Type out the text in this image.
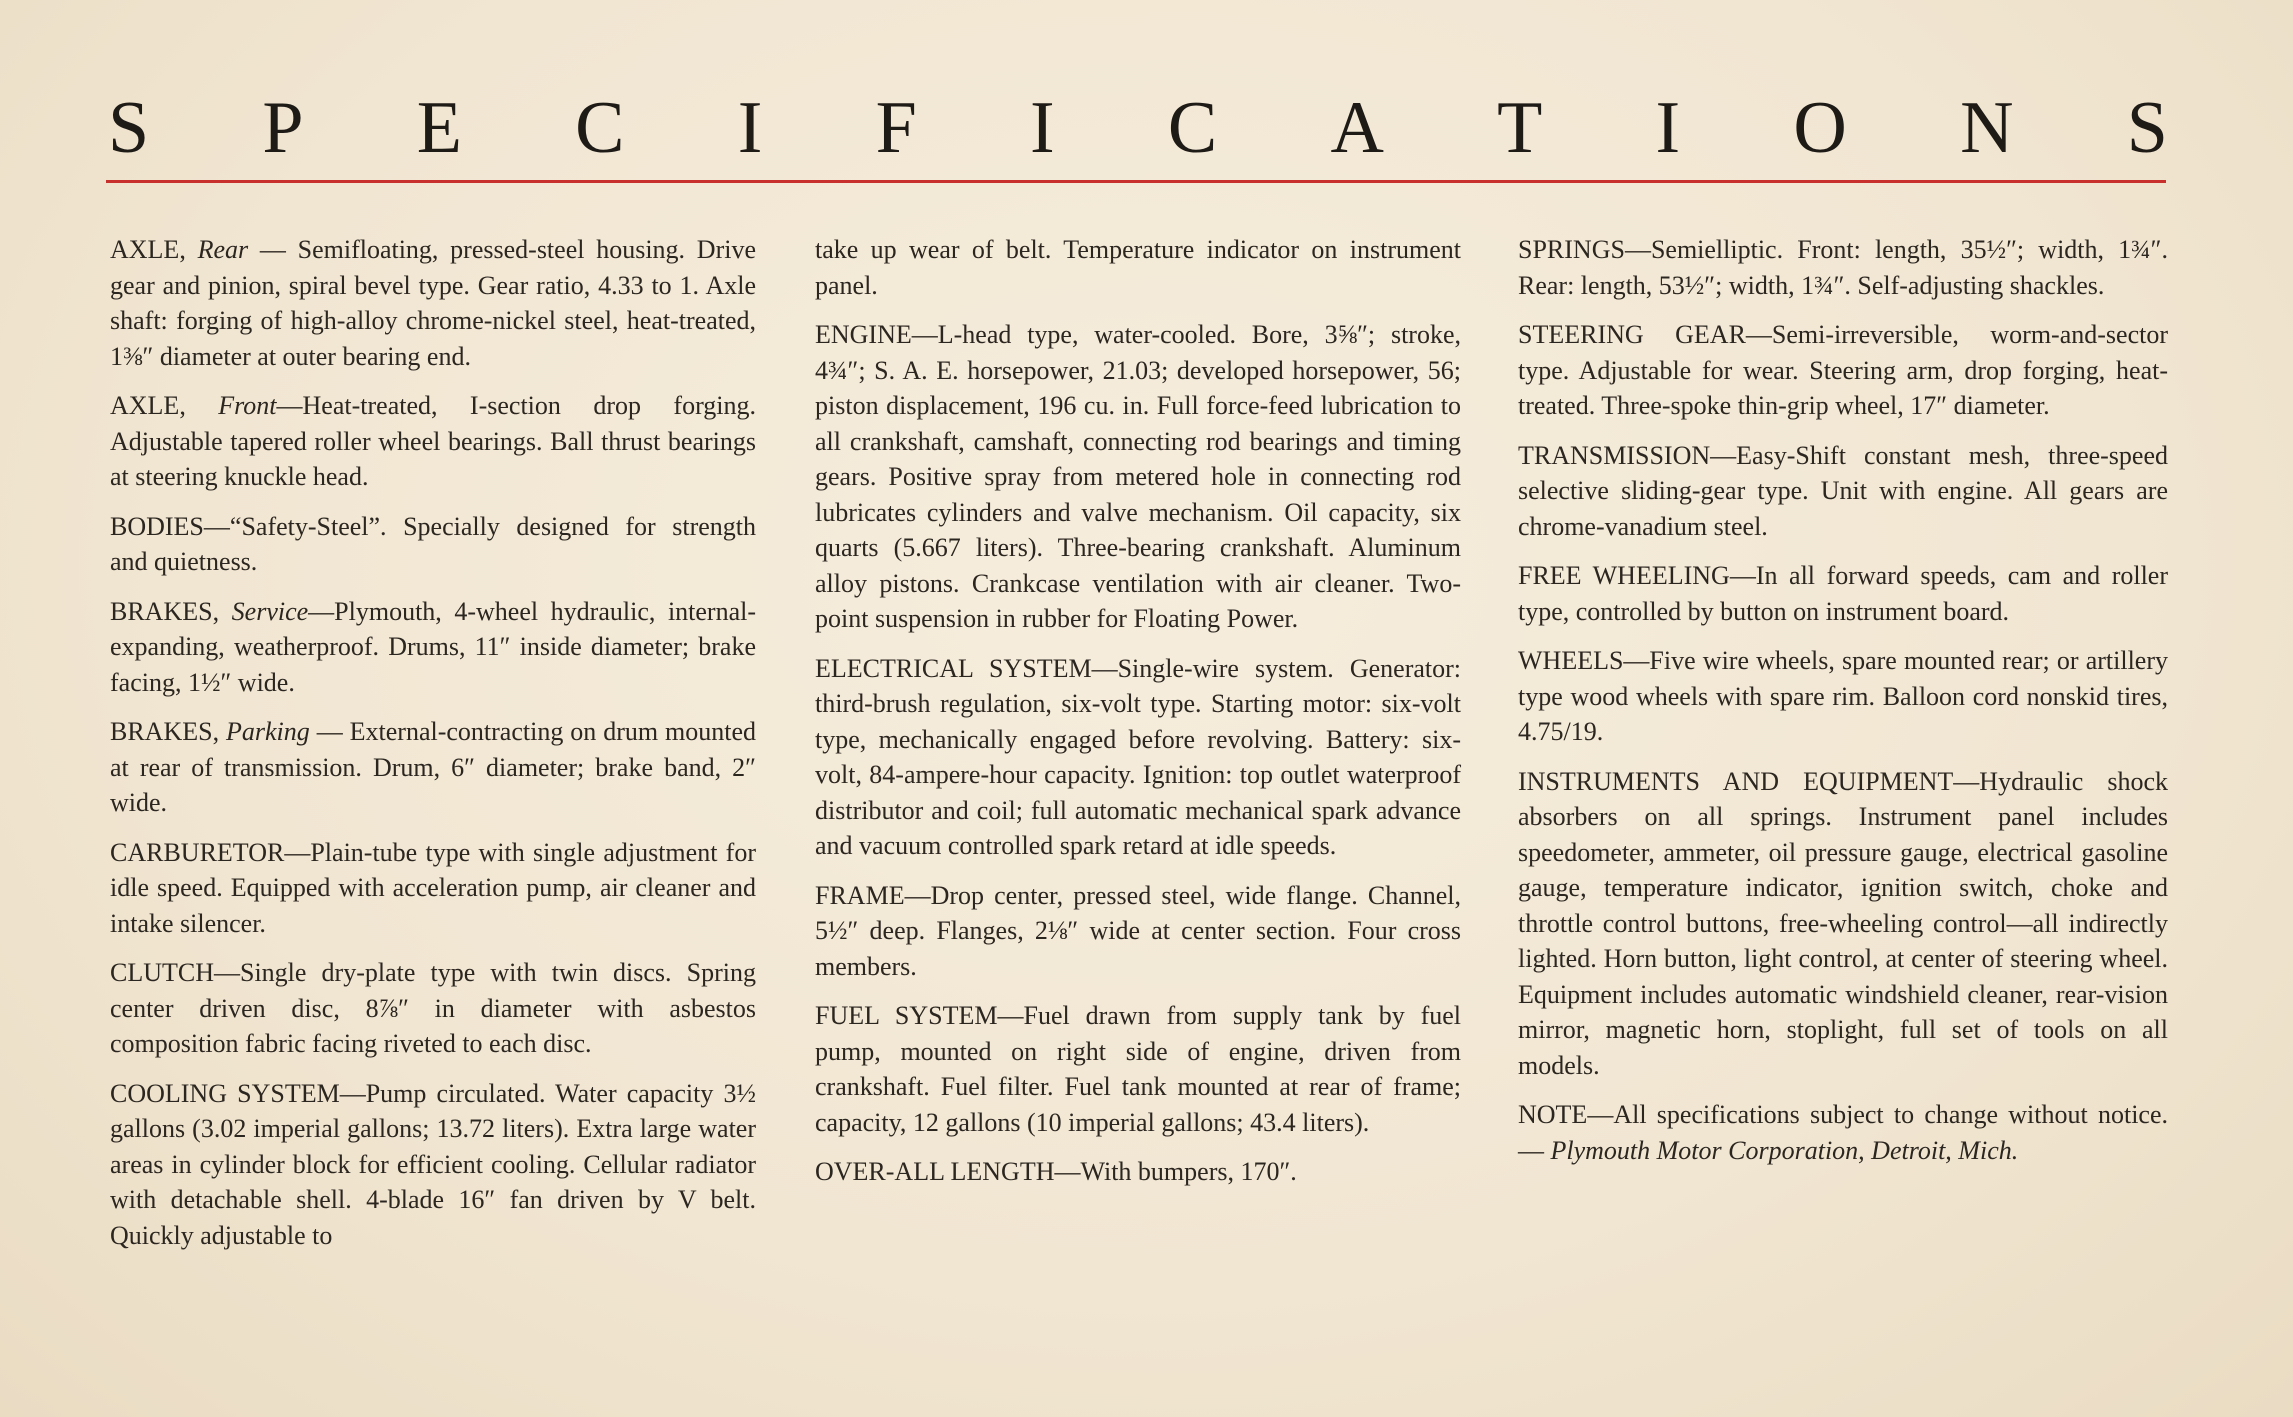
S P E C I F I C A T I O N S

AXLE, Rear — Semifloating, pressed-steel housing. Drive gear and pinion, spiral bevel type. Gear ratio, 4.33 to 1. Axle shaft: forging of high-alloy chrome-nickel steel, heat-treated, 1⅜″ diameter at outer bearing end.

AXLE, Front—Heat-treated, I-section drop forging. Adjustable tapered roller wheel bearings. Ball thrust bearings at steering knuckle head.

BODIES—“Safety-Steel”. Specially designed for strength and quietness.

BRAKES, Service—Plymouth, 4-wheel hydraulic, internal-expanding, weatherproof. Drums, 11″ inside diameter; brake facing, 1½″ wide.

BRAKES, Parking — External-contracting on drum mounted at rear of transmission. Drum, 6″ diameter; brake band, 2″ wide.

CARBURETOR—Plain-tube type with single adjustment for idle speed. Equipped with acceleration pump, air cleaner and intake silencer.

CLUTCH—Single dry-plate type with twin discs. Spring center driven disc, 8⅞″ in diameter with asbestos composition fabric facing riveted to each disc.

COOLING SYSTEM—Pump circulated. Water capacity 3½ gallons (3.02 imperial gallons; 13.72 liters). Extra large water areas in cylinder block for efficient cooling. Cellular radiator with detachable shell. 4-blade 16″ fan driven by V belt. Quickly adjustable to

take up wear of belt. Temperature indicator on instrument panel.

ENGINE—L-head type, water-cooled. Bore, 3⅝″; stroke, 4¾″; S. A. E. horsepower, 21.03; developed horsepower, 56; piston displacement, 196 cu. in. Full force-feed lubrication to all crankshaft, camshaft, connecting rod bearings and timing gears. Positive spray from metered hole in connecting rod lubricates cylinders and valve mechanism. Oil capacity, six quarts (5.667 liters). Three-bearing crankshaft. Aluminum alloy pistons. Crankcase ventilation with air cleaner. Two-point suspension in rubber for Floating Power.

ELECTRICAL SYSTEM—Single-wire system. Generator: third-brush regulation, six-volt type. Starting motor: six-volt type, mechanically engaged before revolving. Battery: six-volt, 84-ampere-hour capacity. Ignition: top outlet waterproof distributor and coil; full automatic mechanical spark advance and vacuum controlled spark retard at idle speeds.

FRAME—Drop center, pressed steel, wide flange. Channel, 5½″ deep. Flanges, 2⅛″ wide at center section. Four cross members.

FUEL SYSTEM—Fuel drawn from supply tank by fuel pump, mounted on right side of engine, driven from crankshaft. Fuel filter. Fuel tank mounted at rear of frame; capacity, 12 gallons (10 imperial gallons; 43.4 liters).

OVER-ALL LENGTH—With bumpers, 170″.

SPRINGS—Semielliptic. Front: length, 35½″; width, 1¾″. Rear: length, 53½″; width, 1¾″. Self-adjusting shackles.

STEERING GEAR—Semi-irreversible, worm-and-sector type. Adjustable for wear. Steering arm, drop forging, heat-treated. Three-spoke thin-grip wheel, 17″ diameter.

TRANSMISSION—Easy-Shift constant mesh, three-speed selective sliding-gear type. Unit with engine. All gears are chrome-vanadium steel.

FREE WHEELING—In all forward speeds, cam and roller type, controlled by button on instrument board.

WHEELS—Five wire wheels, spare mounted rear; or artillery type wood wheels with spare rim. Balloon cord nonskid tires, 4.75/19.

INSTRUMENTS AND EQUIPMENT—Hydraulic shock absorbers on all springs. Instrument panel includes speedometer, ammeter, oil pressure gauge, electrical gasoline gauge, temperature indicator, ignition switch, choke and throttle control buttons, free-wheeling control—all indirectly lighted. Horn button, light control, at center of steering wheel. Equipment includes automatic windshield cleaner, rear-vision mirror, magnetic horn, stoplight, full set of tools on all models.

NOTE—All specifications subject to change without notice. — Plymouth Motor Corporation, Detroit, Mich.
